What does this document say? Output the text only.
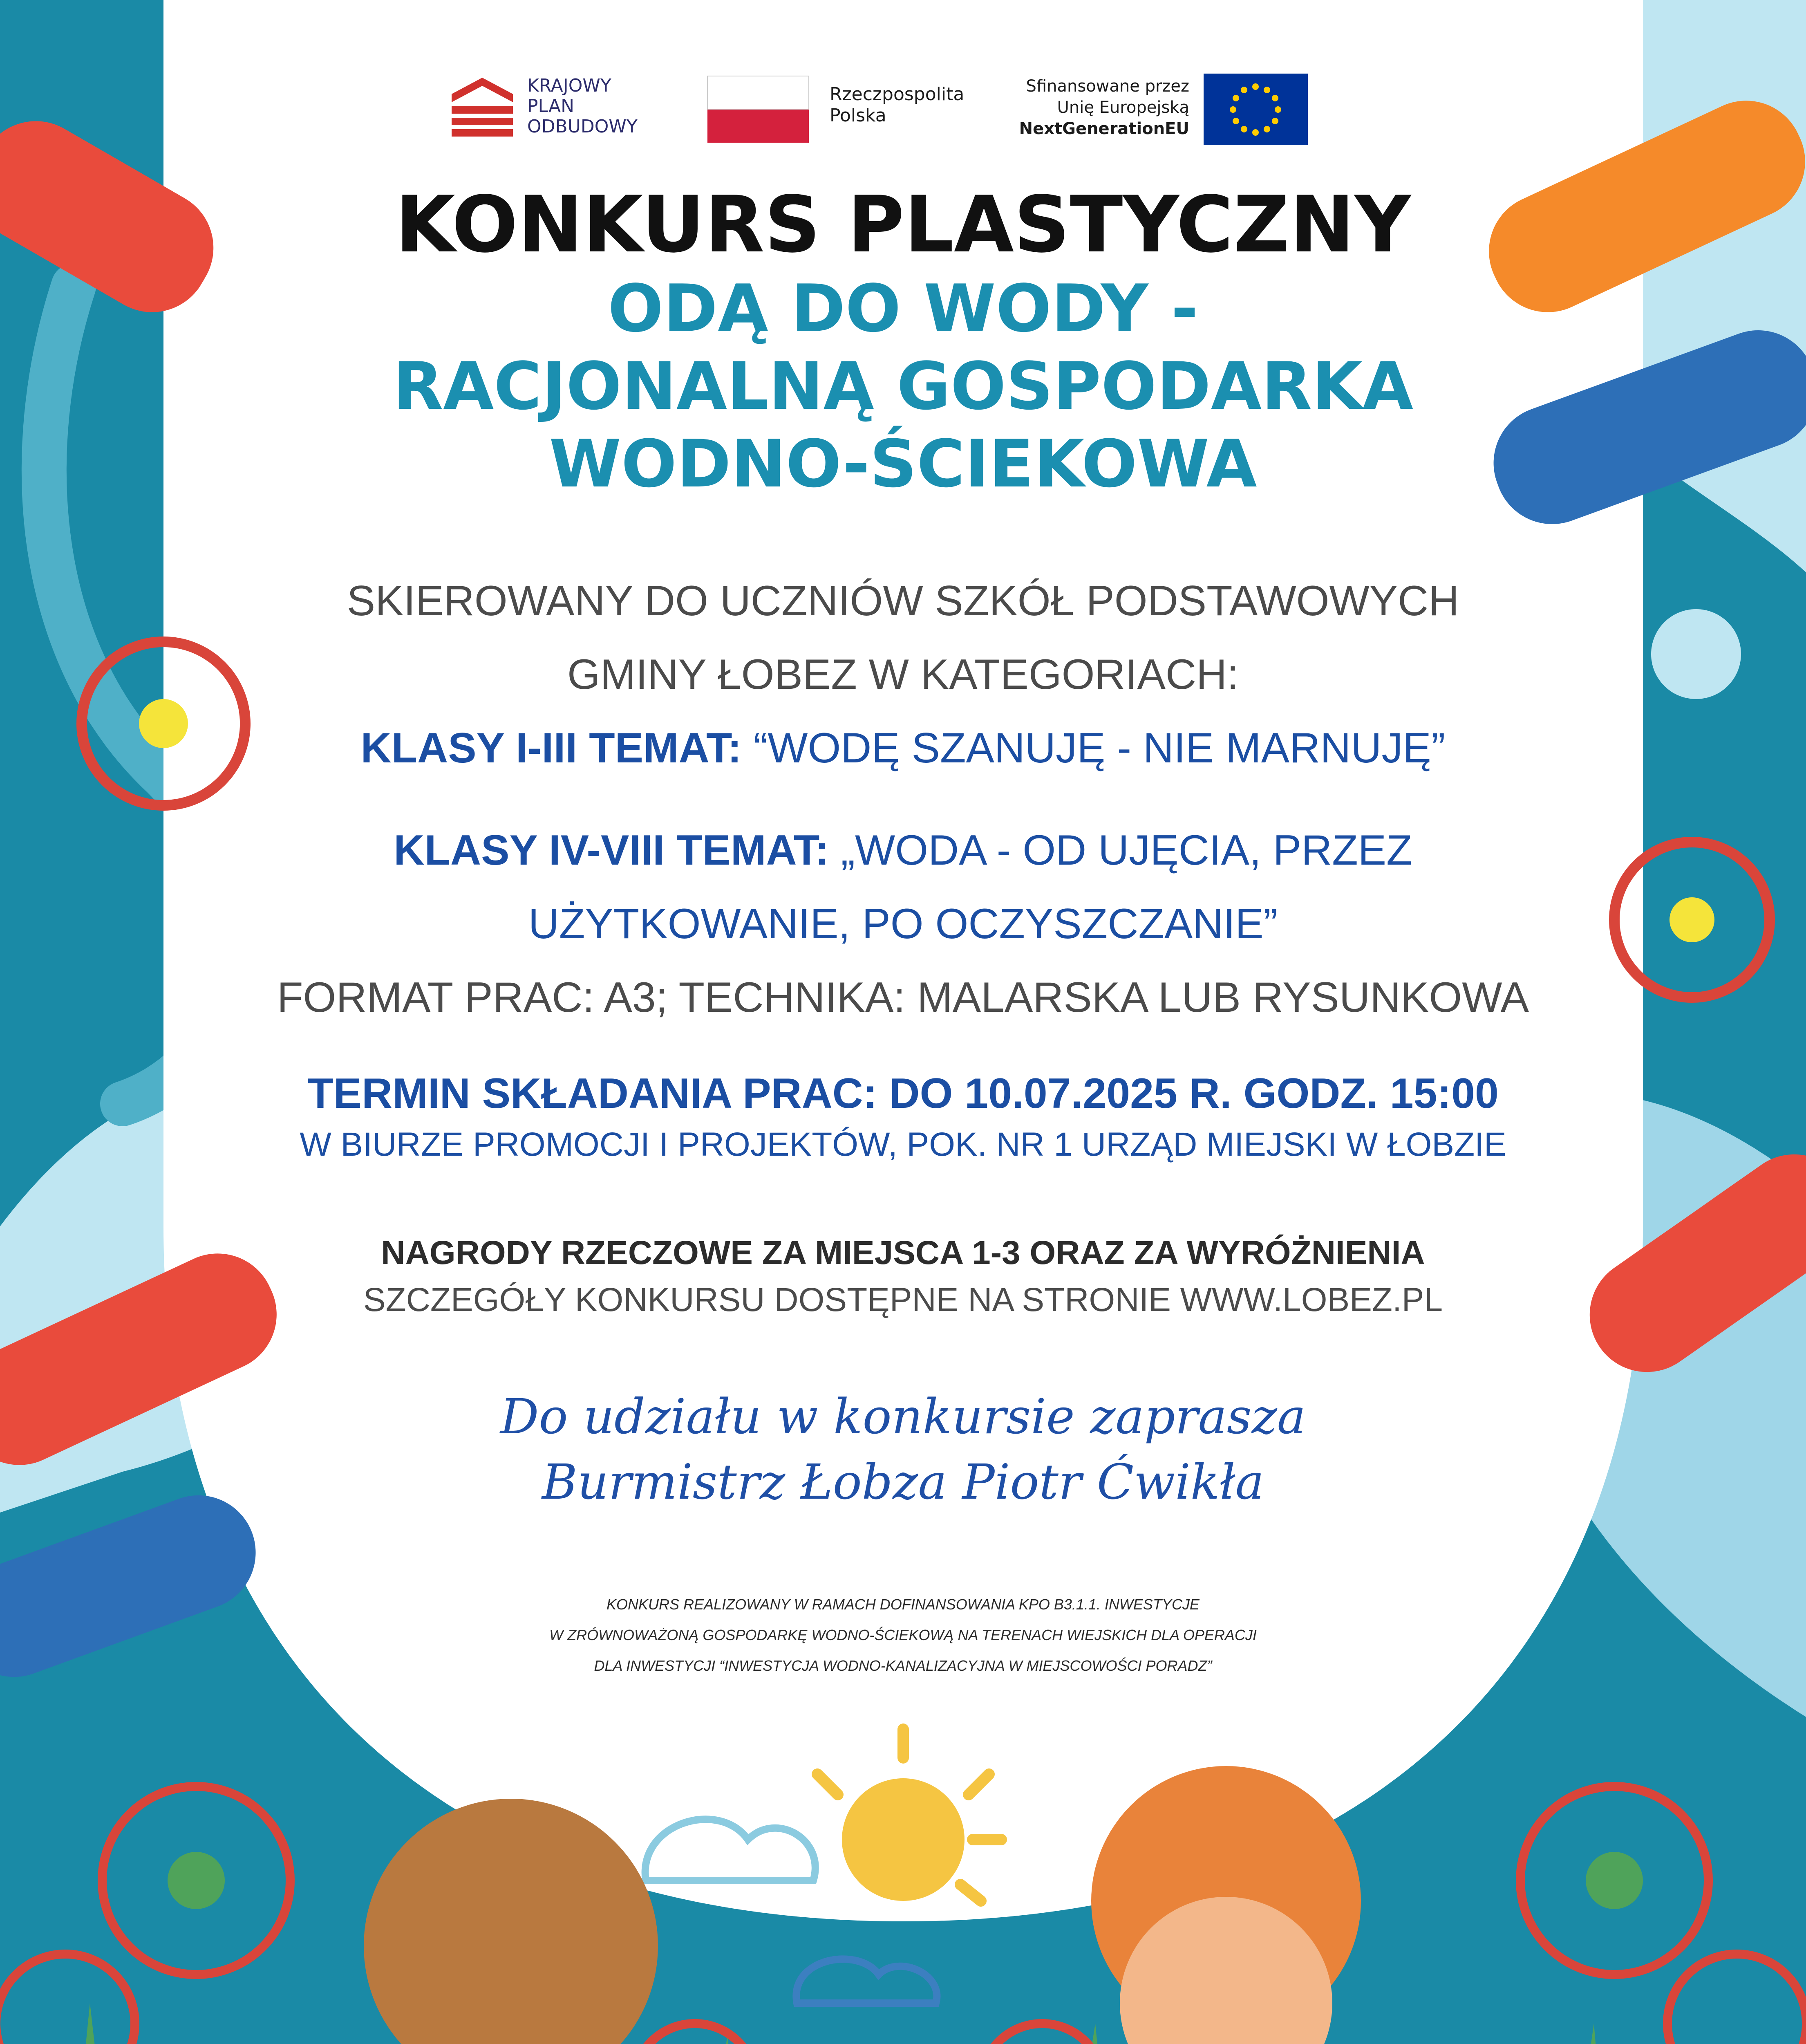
KRAJOWY
PLAN
ODBUDOWY
Rzeczpospolita
Polska
Sfinansowane przez
Unię Europejską
NextGenerationEU
KONKURS PLASTYCZNY
ODĄ DO WODY -
RACJONALNĄ GOSPODARKA
WODNO-ŚCIEKOWA
SKIEROWANY DO UCZNIÓW SZKÓŁ PODSTAWOWYCH
GMINY ŁOBEZ W KATEGORIACH:
KLASY I-III TEMAT: “WODĘ SZANUJĘ - NIE MARNUJĘ”
KLASY IV-VIII TEMAT: „WODA - OD UJĘCIA, PRZEZ
UŻYTKOWANIE, PO OCZYSZCZANIE”
FORMAT PRAC: A3; TECHNIKA: MALARSKA LUB RYSUNKOWA
TERMIN SKŁADANIA PRAC: DO 10.07.2025 R. GODZ. 15:00
W BIURZE PROMOCJI I PROJEKTÓW, POK. NR 1 URZĄD MIEJSKI W ŁOBZIE
NAGRODY RZECZOWE ZA MIEJSCA 1-3 ORAZ ZA WYRÓŻNIENIA
SZCZEGÓŁY KONKURSU DOSTĘPNE NA STRONIE WWW.LOBEZ.PL
Do udziału w konkursie zaprasza
Burmistrz Łobza Piotr Ćwikła
KONKURS REALIZOWANY W RAMACH DOFINANSOWANIA KPO B3.1.1. INWESTYCJE
W ZRÓWNOWAŻONĄ GOSPODARKĘ WODNO-ŚCIEKOWĄ NA TERENACH WIEJSKICH DLA OPERACJI
DLA INWESTYCJI “INWESTYCJA WODNO-KANALIZACYJNA W MIEJSCOWOŚCI PORADZ”
